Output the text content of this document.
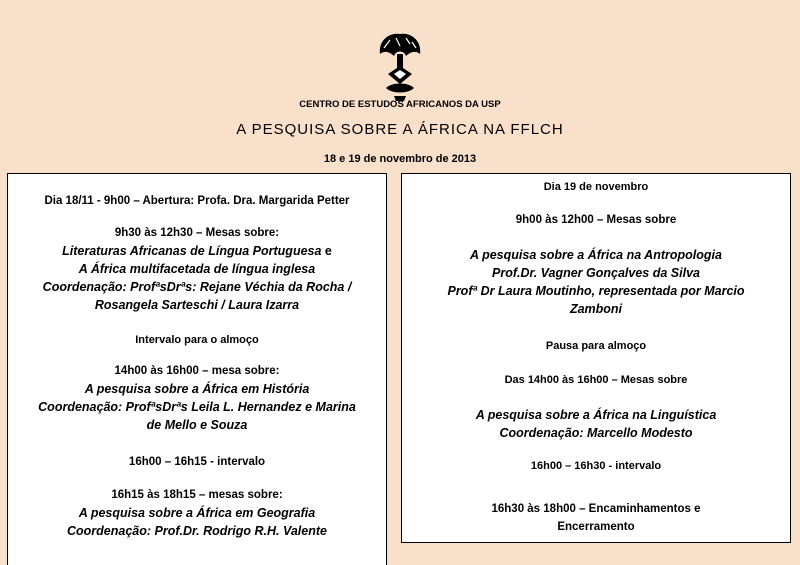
CENTRO DE ESTUDOS AFRICANOS DA USP
A PESQUISA SOBRE A ÁFRICA NA FFLCH
18 e 19 de novembro de 2013
Dia 18/11 - 9h00 – Abertura: Profa. Dra. Margarida Petter
9h30 às 12h30 – Mesas sobre:
Literaturas Africanas de Língua Portuguesa e
A África multifacetada de língua inglesa
Coordenação: ProfªsDrªs: Rejane Véchia da Rocha /
Rosangela Sarteschi / Laura Izarra
Intervalo para o almoço
14h00 às 16h00 – mesa sobre:
A pesquisa sobre a África em História
Coordenação: ProfªsDrªs Leila L. Hernandez e Marina
de Mello e Souza
16h00 – 16h15 - intervalo
16h15 às 18h15 – mesas sobre:
A pesquisa sobre a África em Geografia
Coordenação: Prof.Dr. Rodrigo R.H. Valente
Dia 19 de novembro
9h00 às 12h00 – Mesas sobre
A pesquisa sobre a África na Antropologia
Prof.Dr. Vagner Gonçalves da Silva
Profª Dr Laura Moutinho, representada por Marcio
Zamboni
Pausa para almoço
Das 14h00 às 16h00 – Mesas sobre
A pesquisa sobre a África na Linguística
Coordenação: Marcello Modesto
16h00 – 16h30 - intervalo
16h30 às 18h00 – Encaminhamentos e
Encerramento
